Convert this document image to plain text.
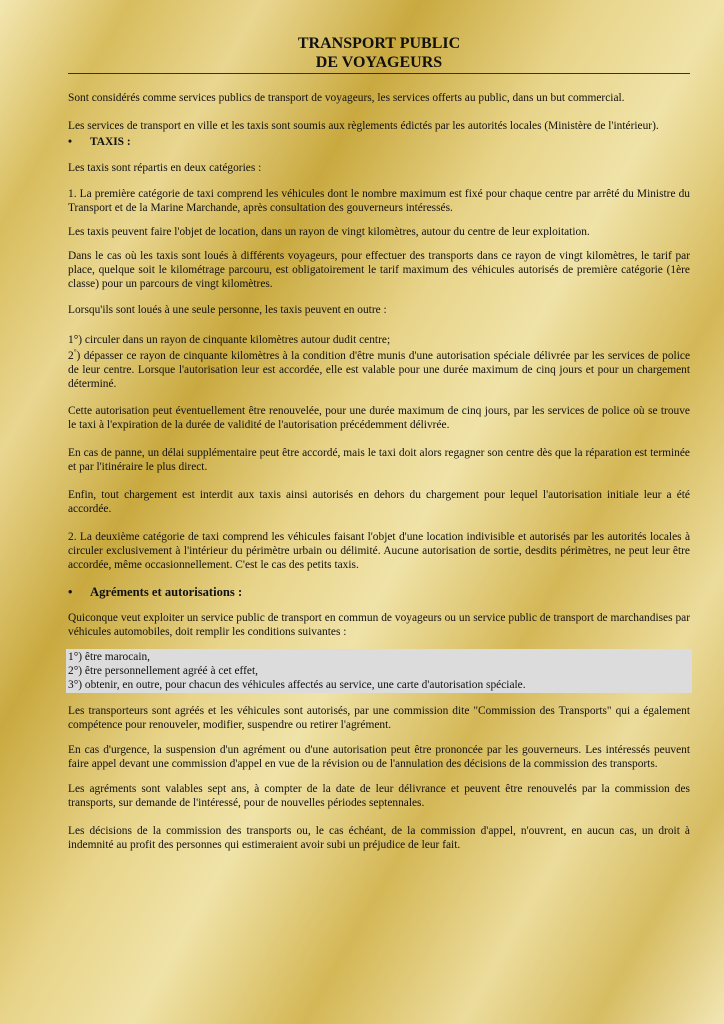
TRANSPORT PUBLIC
DE VOYAGEURS

Sont considérés comme services publics de transport de voyageurs, les services offerts au public, dans un but commercial.

Les services de transport en ville et les taxis sont soumis aux règlements édictés par les autorités locales (Ministère de l'intérieur).

• TAXIS :

Les taxis sont répartis en deux catégories :

1. La première catégorie de taxi comprend les véhicules dont le nombre maximum est fixé pour chaque centre par arrêté du Ministre du Transport et de la Marine Marchande, après consultation des gouverneurs intéressés.

Les taxis peuvent faire l'objet de location, dans un rayon de vingt kilomètres, autour du centre de leur exploitation.

Dans le cas où les taxis sont loués à différents voyageurs, pour effectuer des transports dans ce rayon de vingt kilomètres, le tarif par place, quelque soit le kilométrage parcouru, est obligatoirement le tarif maximum des véhicules autorisés de première catégorie (1ère classe) pour un parcours de vingt kilomètres.

Lorsqu'ils sont loués à une seule personne, les taxis peuvent en outre :

1°) circuler dans un rayon de cinquante kilomètres autour dudit centre;

2°) dépasser ce rayon de cinquante kilomètres à la condition d'être munis d'une autorisation spéciale délivrée par les services de police de leur centre. Lorsque l'autorisation leur est accordée, elle est valable pour une durée maximum de cinq jours et pour un chargement déterminé.

Cette autorisation peut éventuellement être renouvelée, pour une durée maximum de cinq jours, par les services de police où se trouve le taxi à l'expiration de la durée de validité de l'autorisation précédemment délivrée.

En cas de panne, un délai supplémentaire peut être accordé, mais le taxi doit alors regagner son centre dès que la réparation est terminée et par l'itinéraire le plus direct.

Enfin, tout chargement est interdit aux taxis ainsi autorisés en dehors du chargement pour lequel l'autorisation initiale leur a été accordée.

2. La deuxième catégorie de taxi comprend les véhicules faisant l'objet d'une location indivisible et autorisés par les autorités locales à circuler exclusivement à l'intérieur du périmètre urbain ou délimité. Aucune autorisation de sortie, desdits périmètres, ne peut leur être accordée, même occasionnellement. C'est le cas des petits taxis.

• Agréments et autorisations :

Quiconque veut exploiter un service public de transport en commun de voyageurs ou un service public de transport de marchandises par véhicules automobiles, doit remplir les conditions suivantes :

1°) être marocain,

2°) être personnellement agréé à cet effet,

3°) obtenir, en outre, pour chacun des véhicules affectés au service, une carte d'autorisation spéciale.

Les transporteurs sont agréés et les véhicules sont autorisés, par une commission dite "Commission des Transports" qui a également compétence pour renouveler, modifier, suspendre ou retirer l'agrément.

En cas d'urgence, la suspension d'un agrément ou d'une autorisation peut être prononcée par les gouverneurs. Les intéressés peuvent faire appel devant une commission d'appel en vue de la révision ou de l'annulation des décisions de la commission des transports.

Les agréments sont valables sept ans, à compter de la date de leur délivrance et peuvent être renouvelés par la commission des transports, sur demande de l'intéressé, pour de nouvelles périodes septennales.

Les décisions de la commission des transports ou, le cas échéant, de la commission d'appel, n'ouvrent, en aucun cas, un droit à indemnité au profit des personnes qui estimeraient avoir subi un préjudice de leur fait.
